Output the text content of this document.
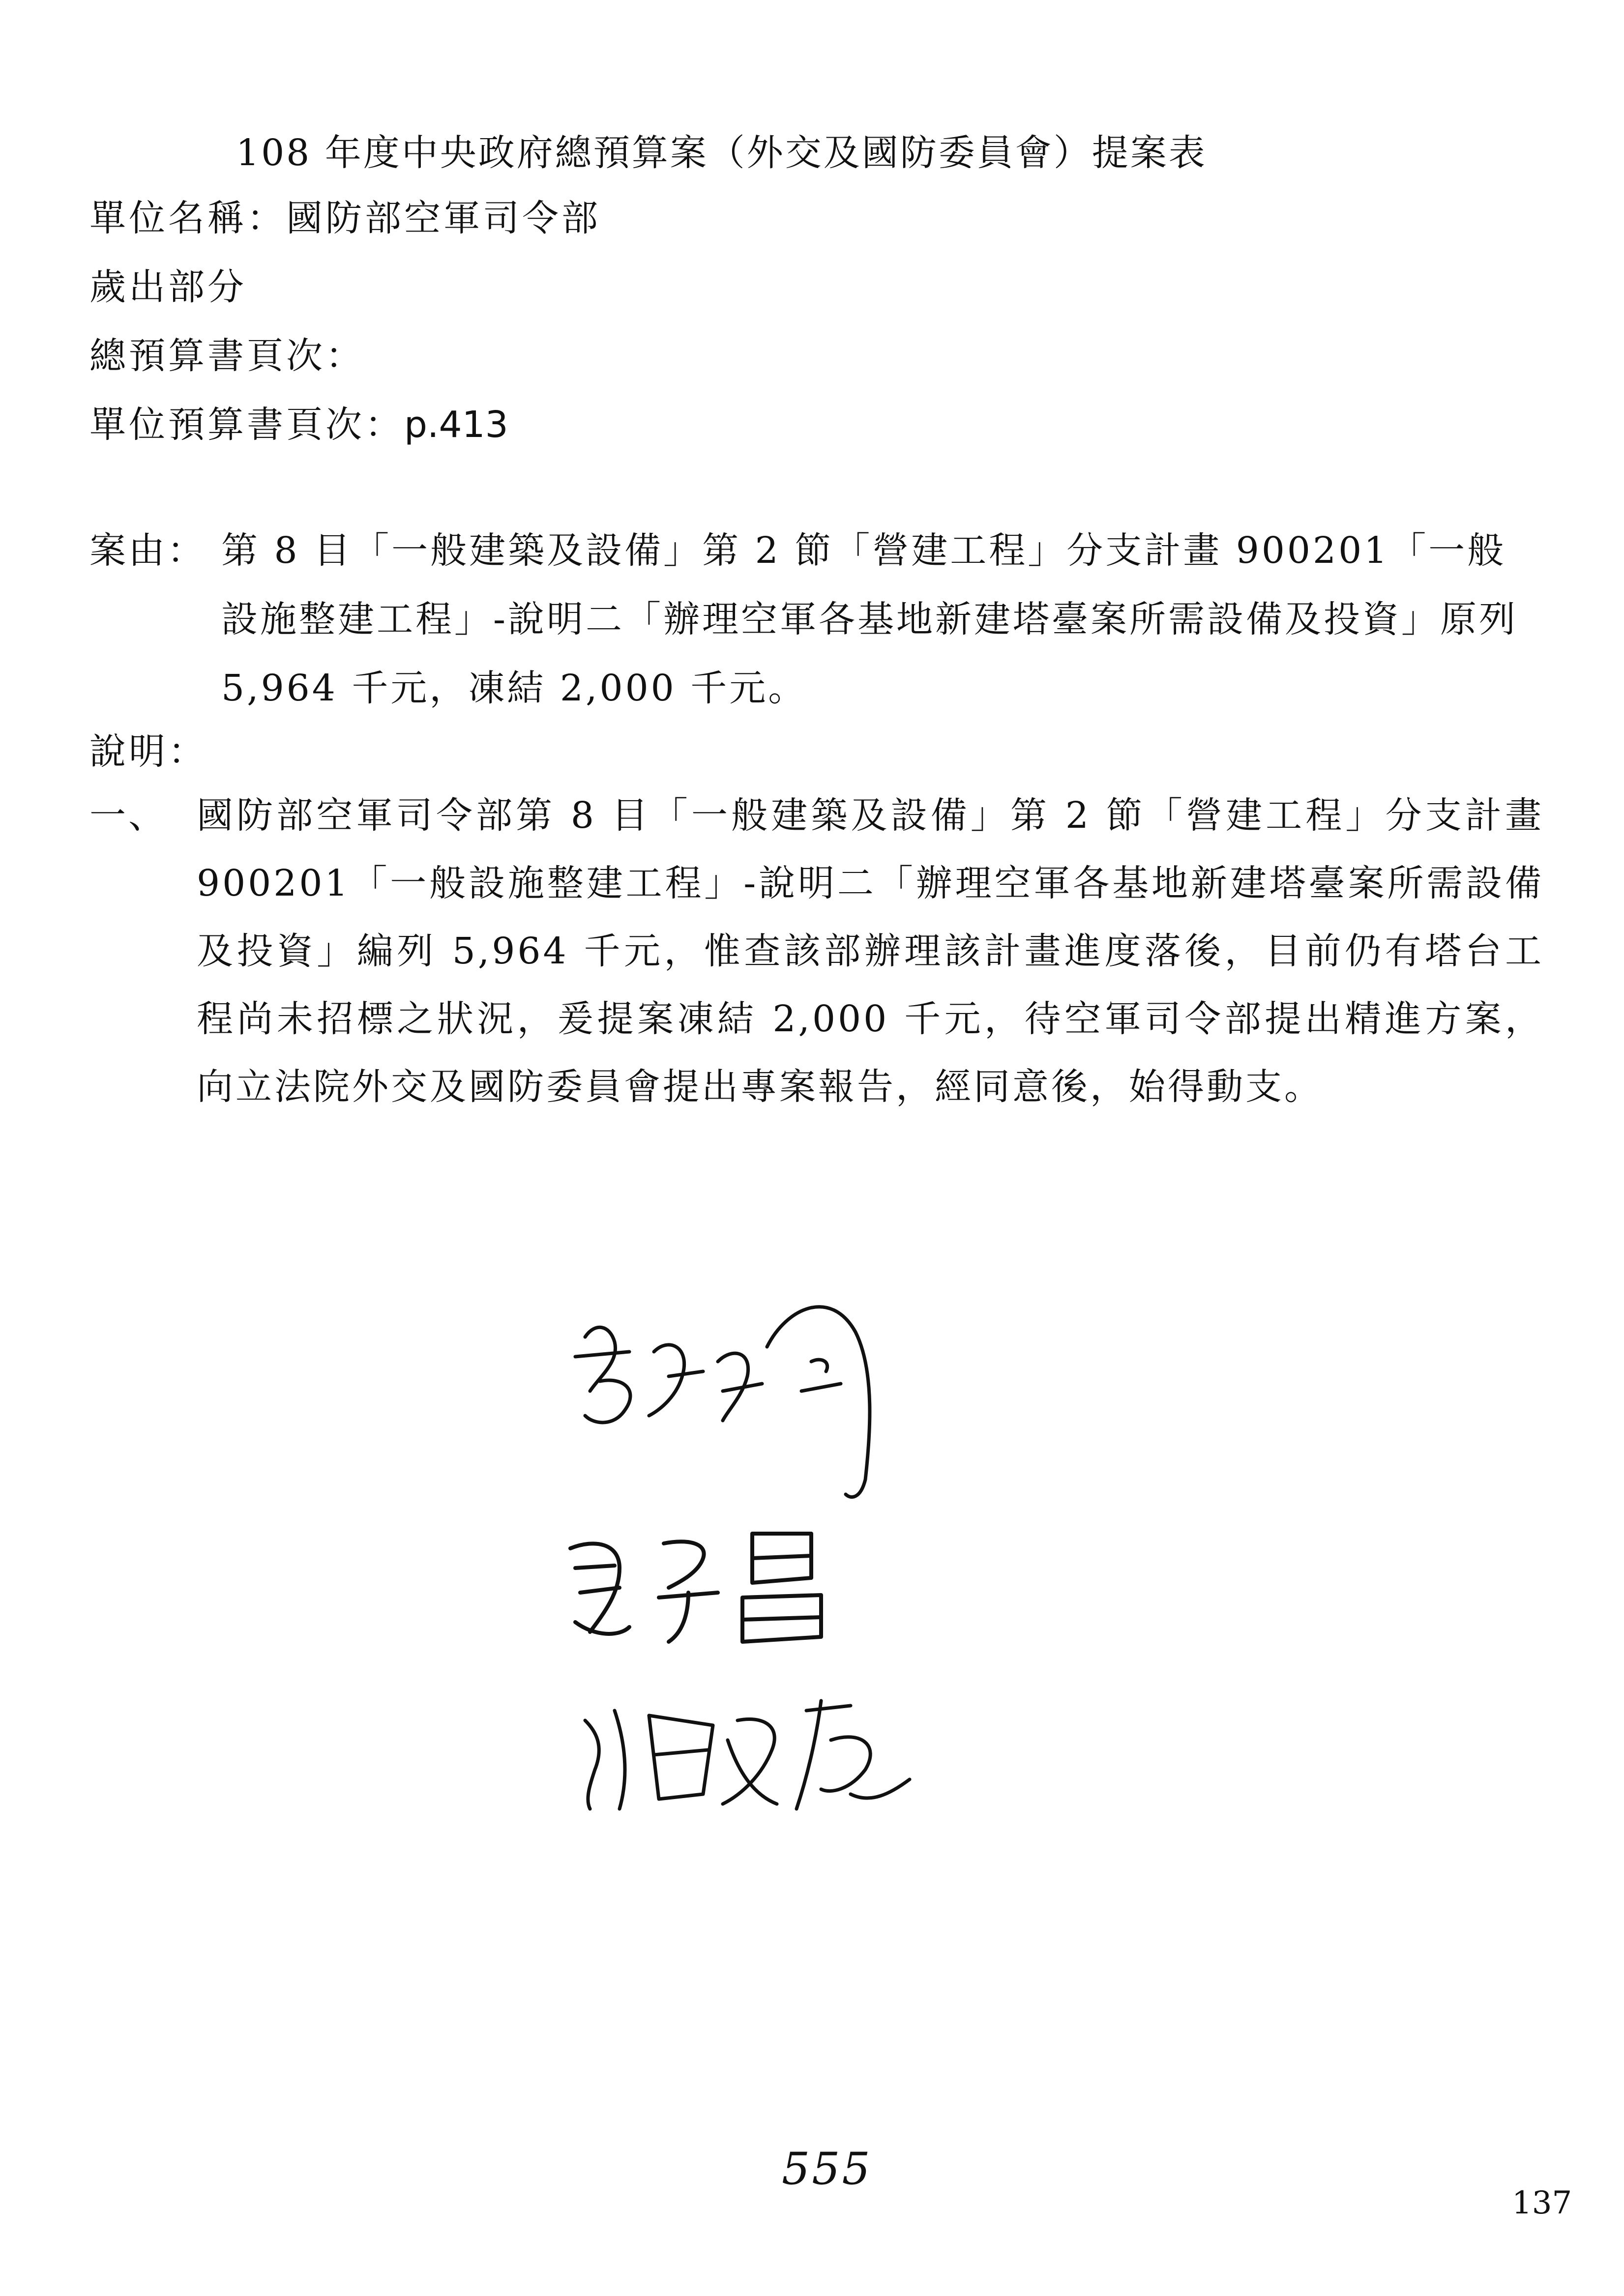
108 年度中央政府總預算案（外交及國防委員會）提案表
單位名稱：國防部空軍司令部
歲出部分
總預算書頁次：
單位預算書頁次：p.413
案由： 第 8 目「一般建築及設備」第 2 節「營建工程」分支計畫 900201「一般設施整建工程」-說明二「辦理空軍各基地新建塔臺案所需設備及投資」原列 5,964 千元，凍結 2,000 千元。
說明：
一、 國防部空軍司令部第 8 目「一般建築及設備」第 2 節「營建工程」分支計畫 900201「一般設施整建工程」-說明二「辦理空軍各基地新建塔臺案所需設備及投資」編列 5,964 千元，惟查該部辦理該計畫進度落後，目前仍有塔台工程尚未招標之狀況，爰提案凍結 2,000 千元，待空軍司令部提出精進方案，向立法院外交及國防委員會提出專案報告，經同意後，始得動支。
555
137
